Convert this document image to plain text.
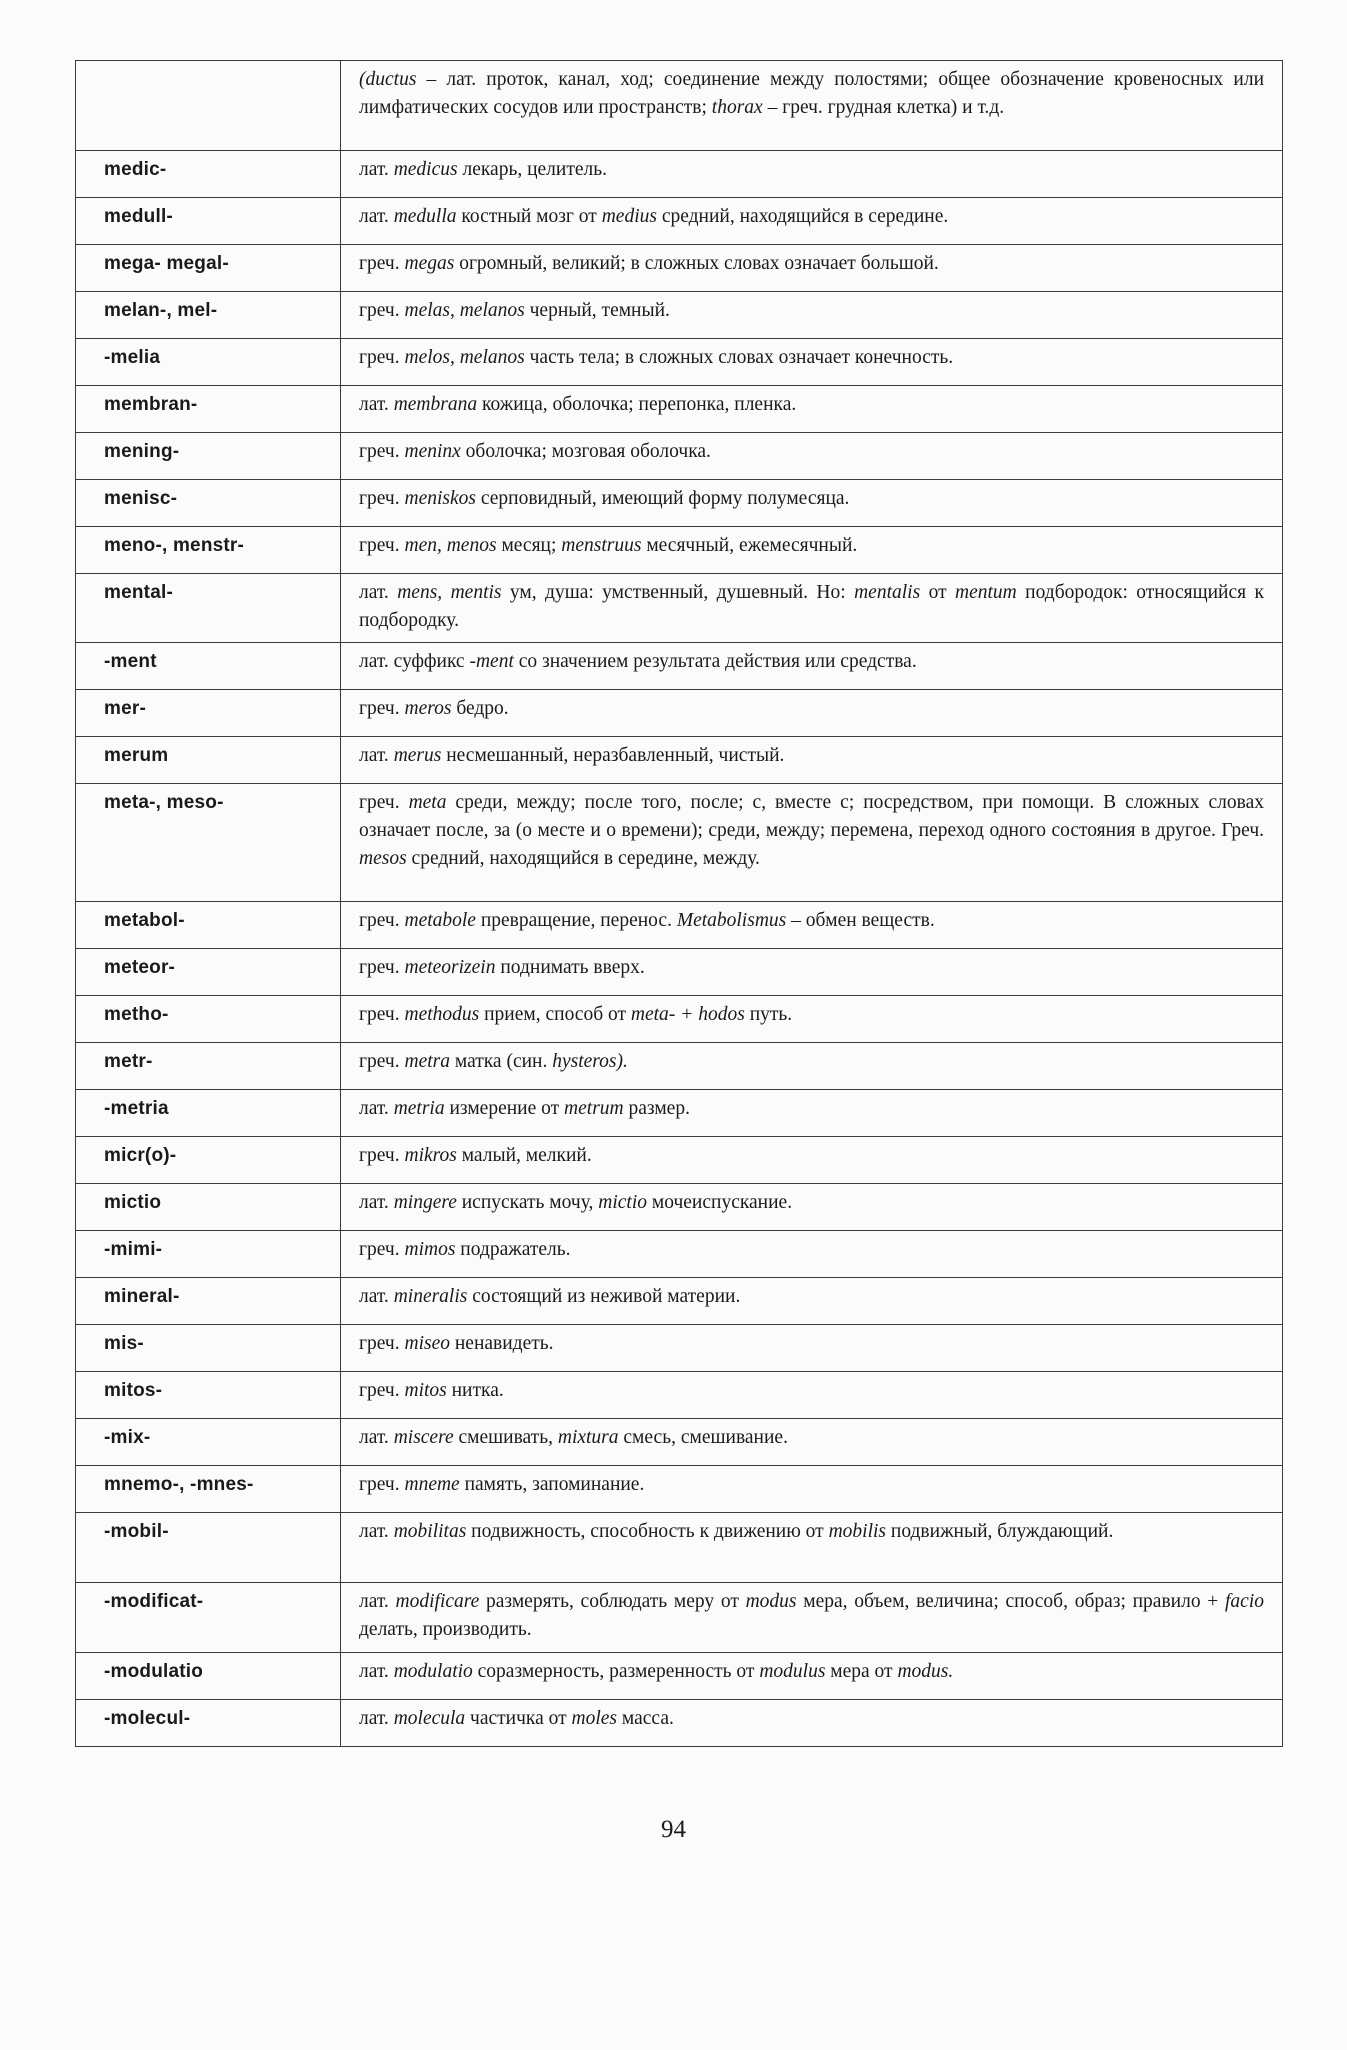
	(ductus – лат. проток, канал, ход; соединение между полостями; общее обозначение кровеносных или лимфатических сосудов или пространств; thorax – греч. грудная клетка) и т.д.
medic-	лат. medicus лекарь, целитель.
medull-	лат. medulla костный мозг от medius средний, находящийся в середине.
mega- megal-	греч. megas огромный, великий; в сложных словах означает большой.
melan-, mel-	греч. melas, melanos черный, темный.
-melia	греч. melos, melanos часть тела; в сложных словах означает конечность.
membran-	лат. membrana кожица, оболочка; перепонка, пленка.
mening-	греч. meninx оболочка; мозговая оболочка.
menisc-	греч. meniskos серповидный, имеющий форму полумесяца.
meno-, menstr-	греч. men, menos месяц; menstruus месячный, ежемесячный.
mental-	лат. mens, mentis ум, душа: умственный, душевный. Но: mentalis от mentum подбородок: относящийся к подбородку.
-ment	лат. суффикс -ment со значением результата действия или средства.
mer-	греч. meros бедро.
merum	лат. merus несмешанный, неразбавленный, чистый.
meta-, meso-	греч. meta среди, между; после того, после; с, вместе с; посредством, при помощи. В сложных словах означает после, за (о месте и о времени); среди, между; перемена, переход одного состояния в другое. Греч. mesos средний, находящийся в середине, между.
metabol-	греч. metabole превращение, перенос. Metabolismus – обмен веществ.
meteor-	греч. meteorizein поднимать вверх.
metho-	греч. methodus прием, способ от meta- + hodos путь.
metr-	греч. metra матка (син. hysteros).
-metria	лат. metria измерение от metrum размер.
micr(o)-	греч. mikros малый, мелкий.
mictio	лат. mingere испускать мочу, mictio мочеиспускание.
-mimi-	греч. mimos подражатель.
mineral-	лат. mineralis состоящий из неживой материи.
mis-	греч. miseo ненавидеть.
mitos-	греч. mitos нитка.
-mix-	лат. miscere смешивать, mixtura смесь, смешивание.
mnemo-, -mnes-	греч. mneme память, запоминание.
-mobil-	лат. mobilitas подвижность, способность к движению от mobilis подвижный, блуждающий.
-modificat-	лат. modificare размерять, соблюдать меру от modus мера, объем, величина; способ, образ; правило + facio делать, производить.
-modulatio	лат. modulatio соразмерность, размеренность от modulus мера от modus.
-molecul-	лат. molecula частичка от moles масса.
94
